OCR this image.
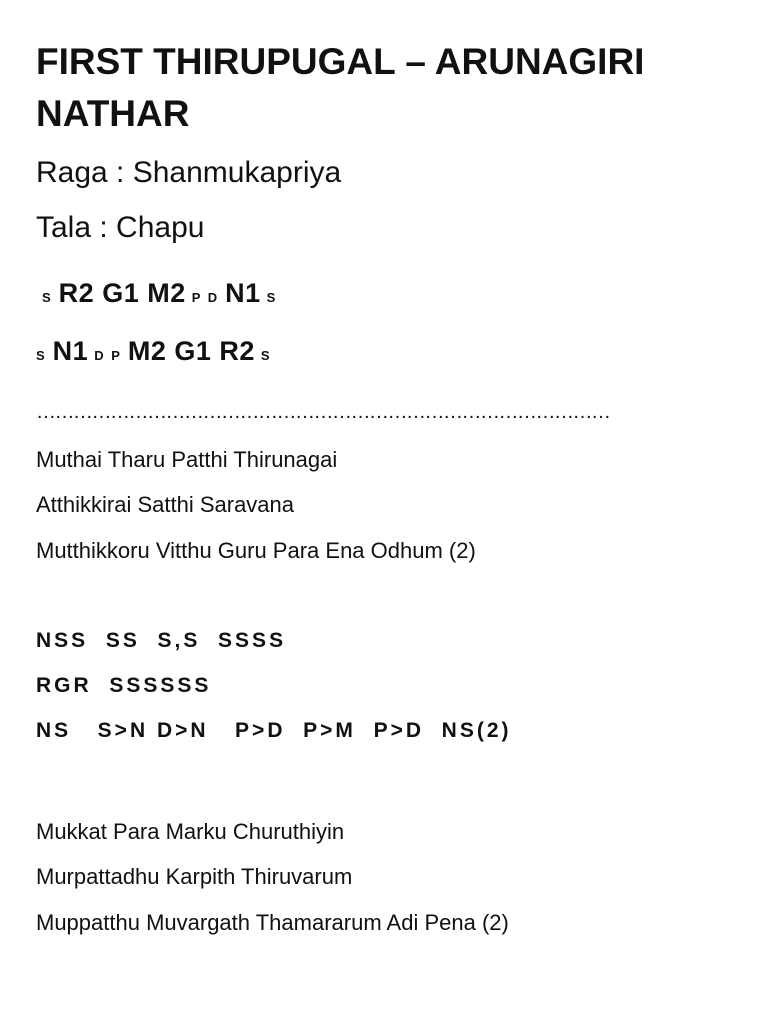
FIRST THIRUPUGAL – ARUNAGIRI NATHAR
Raga : Shanmukapriya
Tala : Chapu
S R2 G1 M2 P D N1 S
S N1 D P M2 G1 R2 S
…………………………………………………………………………………
Muthai Tharu Patthi Thirunagai
Atthikkirai Satthi Saravana
Mutthikkoru Vitthu Guru Para Ena Odhum (2)
NSS  SS  S,S  SSSS
RGR  SSSSSS
NS   S>N D>N   P>D  P>M  P>D  NS(2)
Mukkat Para Marku Churuthiyin
Murpattadhu Karpith Thiruvarum
Muppatthu Muvargath Thamararum Adi Pena (2)
